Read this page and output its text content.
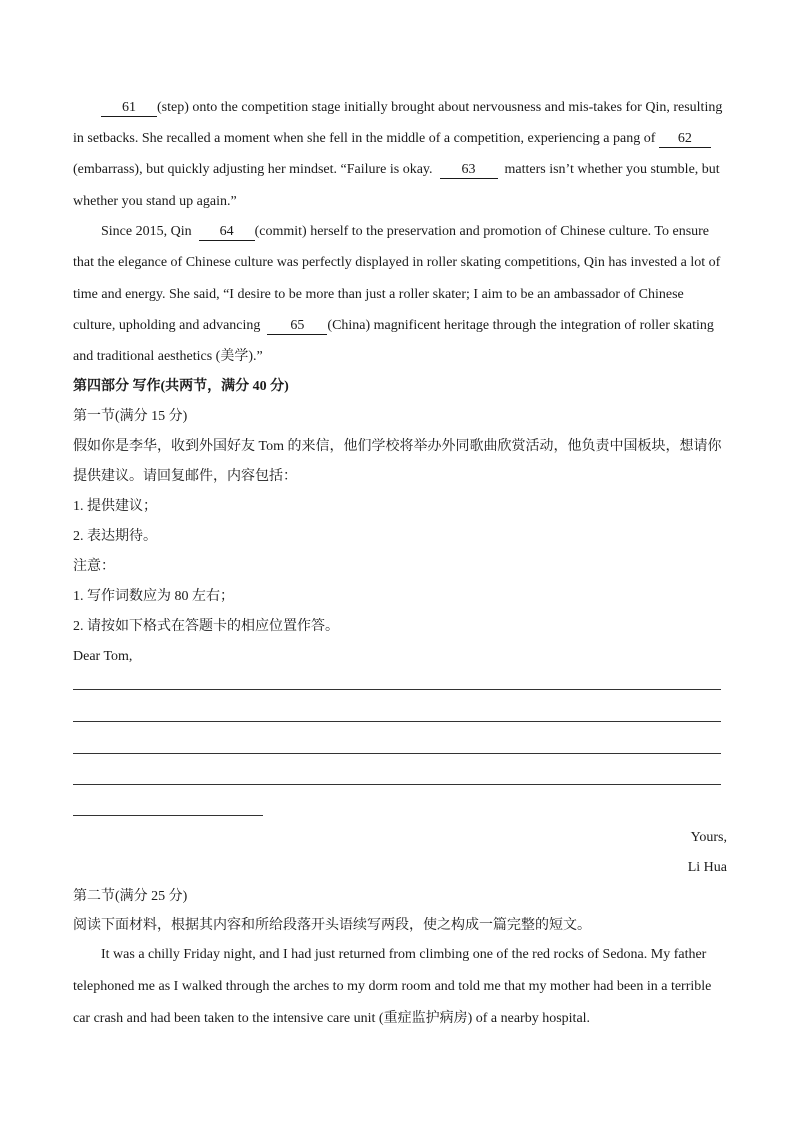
61 (step) onto the competition stage initially brought about nervousness and mis-takes for Qin, resulting
in setbacks. She recalled a moment when she fell in the middle of a competition, experiencing a pang of 62
(embarrass), but quickly adjusting her mindset. “Failure is okay. 63 matters isn’t whether you stumble, but
whether you stand up again.”
Since 2015, Qin 64 (commit) herself to the preservation and promotion of Chinese culture. To ensure
that the elegance of Chinese culture was perfectly displayed in roller skating competitions, Qin has invested a lot of
time and energy. She said, “I desire to be more than just a roller skater; I aim to be an ambassador of Chinese
culture, upholding and advancing 65 (China) magnificent heritage through the integration of roller skating
and traditional aesthetics (美学).”
第四部分 写作(共两节，满分 40 分)
第一节(满分 15 分)
假如你是李华，收到外国好友 Tom 的来信，他们学校将举办外同歌曲欣赏活动，他负责中国板块，想请你
提供建议。请回复邮件，内容包括：
1. 提供建议；
2. 表达期待。
注意：
1. 写作词数应为 80 左右；
2. 请按如下格式在答题卡的相应位置作答。
Dear Tom,
Yours,
Li Hua
第二节(满分 25 分)
阅读下面材料，根据其内容和所给段落开头语续写两段，使之构成一篇完整的短文。
It was a chilly Friday night, and I had just returned from climbing one of the red rocks of Sedona. My father
telephoned me as I walked through the arches to my dorm room and told me that my mother had been in a terrible
car crash and had been taken to the intensive care unit (重症监护病房) of a nearby hospital.
